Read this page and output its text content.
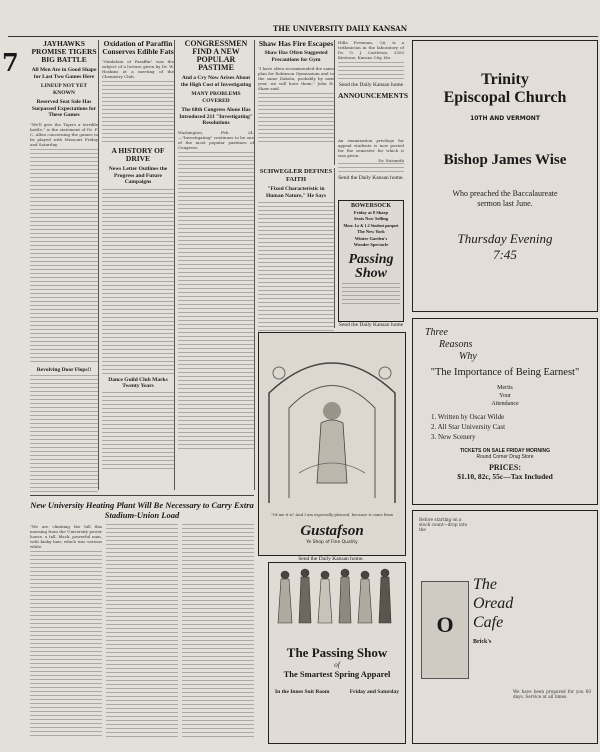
THE UNIVERSITY DAILY KANSAN
7
JAYHAWKS PROMISE TIGERS BIG BATTLE
All Men Are in Good Shape for Last Two Games Here
LINEUP NOT YET KNOWN
Reserved Seat Sale Has Surpassed Expectations for These Games
"We'll give the Tigers a terrible battle," is the statement of Dr. F. C. Allen concerning the games to be played with Missouri Friday and Saturday.
Revolving Door Flops!!
Oxidation of Paraffin Conserves Edible Fats
"Oxidation of Paraffin" was the subject of a lecture given by Dr. W. Hoskins at a meeting of the Chemistry Club.
A HISTORY OF DRIVE
News Letter Outlines the Progress and Future Campaigns
Dance Guild Club Marks Twenty Years
CONGRESSMEN FIND A NEW POPULAR PASTIME
And a Cry Now Arises About the High Cost of Investigating
MANY PROBLEMS COVERED
The 68th Congress Alone Has Introduced 211 "Investigating" Resolutions
Washington, Feb. 24.—"Investigating" continues to be one of the most popular pastimes of Congress.
Shaw Has Fire Escapes
Shaw Has Often Suggested Precautions for Gym
"I have often recommended the same plan for Robinson Gymnasium and to the same Dakota, probably by next year, we will have them," John H. Shaw said.
SCHWEGLER DEFINES FAITH
"Fixed Characteristic in Human Nature," He Says
Hilla Freeman, '26, is a tedhmician in the laboratory of Dr. O. J. Castleton, 3300 Kirstone, Kansas City, Mo.
Send the Daily Kansan home
ANNOUNCEMENTS
An examination privilege for appeal students is now posted for the semester for which it was given.
Dr. Naismith
Send the Daily Kansan home.
BOWERSOCK
Friday at 8 Sharp
Seats Now Selling
Mezz. Lo & 1.2 Student parquet
The New York
Winter Garden's
Wonder Spectacle
Passing Show
Send the Daily Kansan home
"Of me it is" And I am especially pleased, because it came from
Gustafson
Ye Shop of Fine Quality
Send the Daily Kansan home.
New University Heating Plant Will Be Necessary to Carry Extra Stadium-Union Load
"We are climbing the hill this morning from the University power house, a tall, black, powerful man, with kinky hair, which was various white.
The Passing Show
of
The Smartest Spring Apparel
In the Innes Suit Room	Friday and Saturday
Trinity
Episcopal Church
10TH AND VERMONT
Bishop James Wise
Who preached the Baccalaureate sermon last June.
Thursday Evening
7:45
Three
Reasons
Why
"The Importance of Being Earnest"
Merits
Your
Attendance
1. Written by Oscar Wilde
2. All Star University Cast
3. New Scenery
TICKETS ON SALE FRIDAY MORNING
Round Corner Drug Store
PRICES:
$1.10, 82c, 55c—Tax Included
Before starting on a stock count—drop into the
O
The
Oread
Cafe
Brick's
We have been prepared for you 60 days. Service at all times.
